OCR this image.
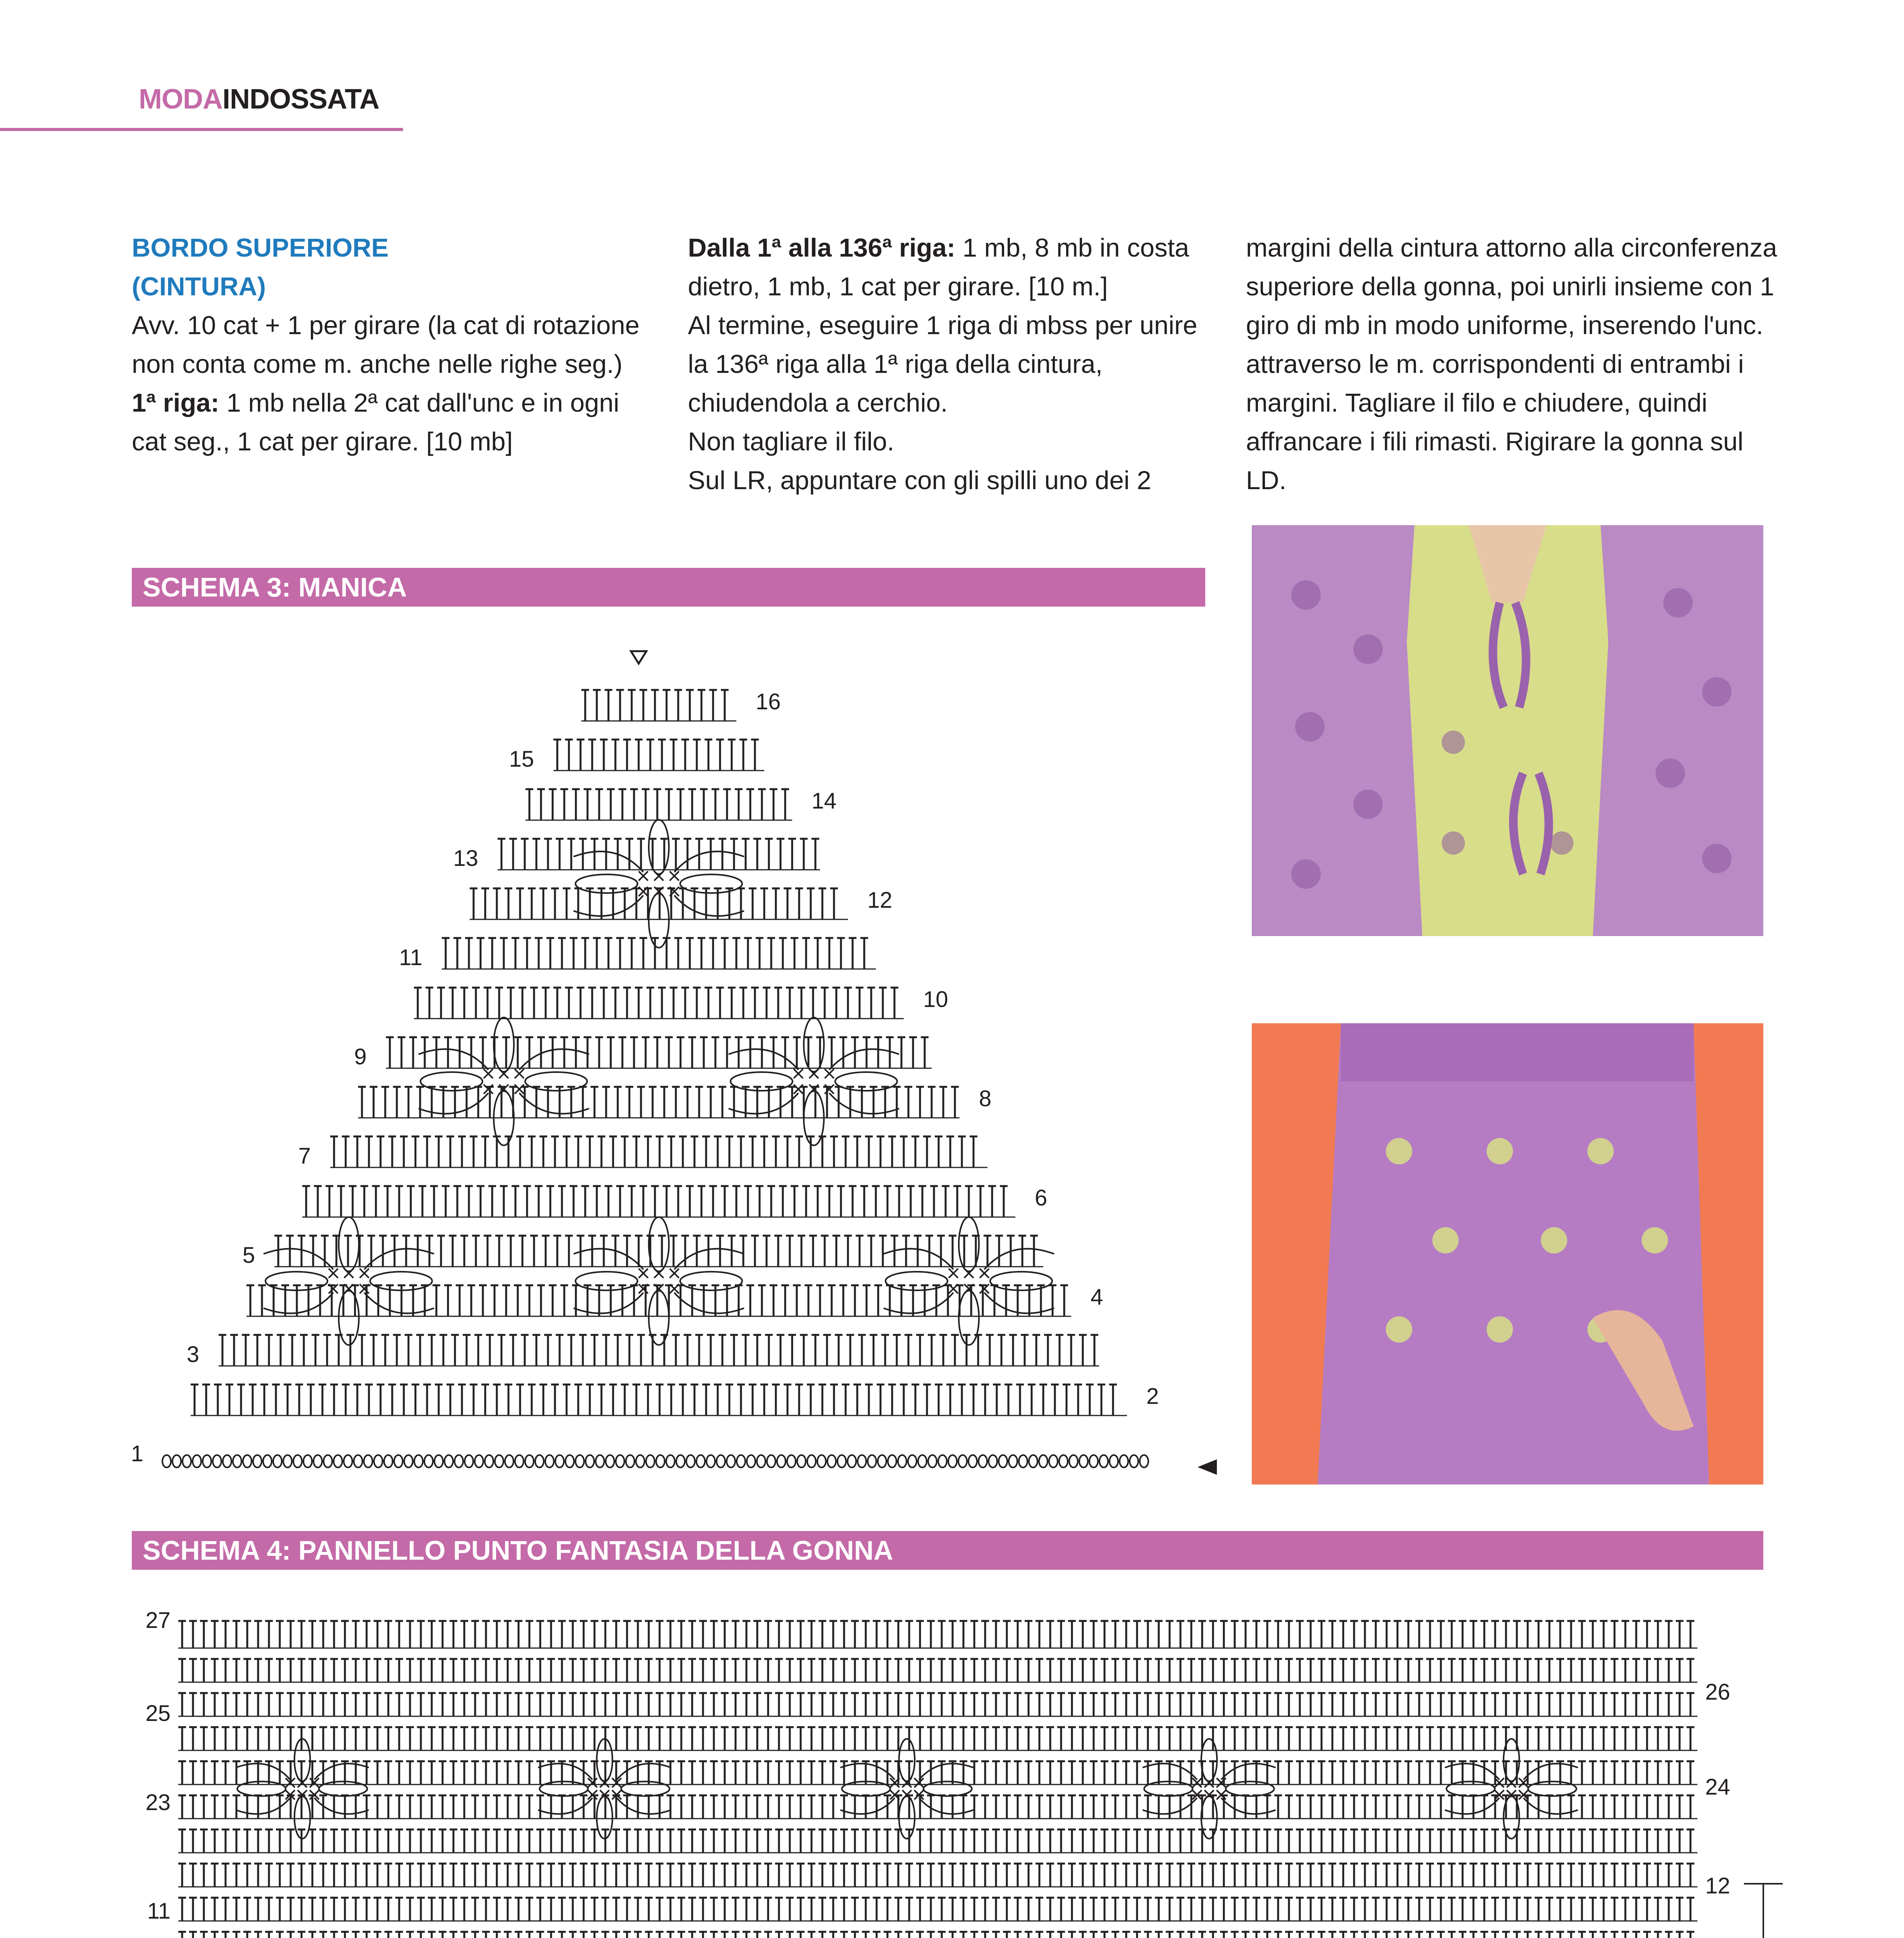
MODAINDOSSATA

BORDO SUPERIORE (CINTURA)

Avv. 10 cat + 1 per girare (la cat di rotazione non conta come m. anche nelle righe seg.)

1ª riga: 1 mb nella 2ª cat dall'unc e in ogni cat seg., 1 cat per girare. [10 mb]

Dalla 1ª alla 136ª riga: 1 mb, 8 mb in costa dietro, 1 mb, 1 cat per girare. [10 m.]

Al termine, eseguire 1 riga di mbss per unire la 136ª riga alla 1ª riga della cintura, chiudendola a cerchio.

Non tagliare il filo.

Sul LR, appuntare con gli spilli uno dei 2

margini della cintura attorno alla circonferenza superiore della gonna, poi unirli insieme con 1 giro di mb in modo uniforme, inserendo l'unc. attraverso le m. corrispondenti di entrambi i margini. Tagliare il filo e chiudere, quindi affrancare i fili rimasti. Rigirare la gonna sul LD.

SCHEMA 3: MANICA
1
2
3
4
5
6
7
8
9
10
11
12
13
14
15
16
SCHEMA 4: PANNELLO PUNTO FANTASIA DELLA GONNA
27
25
23
11
26
24
12
